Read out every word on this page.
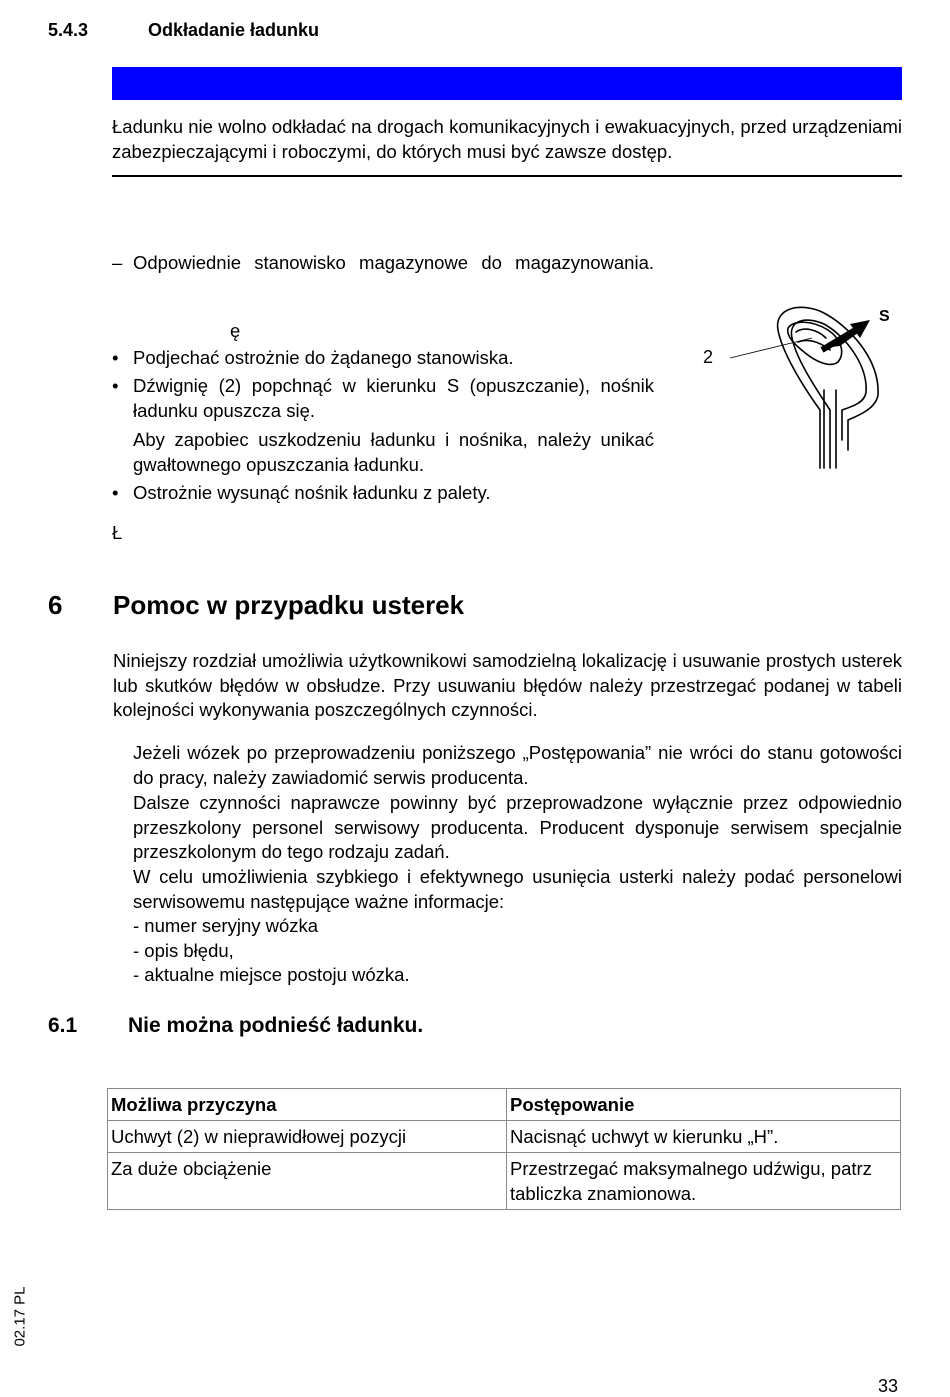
5.4.3	Odkładanie ładunku
Ładunku nie wolno odkładać na drogach komunikacyjnych i ewakuacyjnych, przed urządzeniami zabezpieczającymi i roboczymi, do których musi być zawsze dostęp.
– Odpowiednie stanowisko magazynowe do magazynowania.
ę
• Podjechać ostrożnie do żądanego stanowiska.
• Dźwignię (2) popchnąć w kierunku S (opuszczanie), nośnik ładunku opuszcza się.
Aby zapobiec uszkodzeniu ładunku i nośnika, należy unikać gwałtownego opuszczania ładunku.
• Ostrożnie wysunąć nośnik ładunku z palety.
Ł
2
S
6 Pomoc w przypadku usterek
Niniejszy rozdział umożliwia użytkownikowi samodzielną lokalizację i usuwanie prostych usterek lub skutków błędów w obsłudze. Przy usuwaniu błędów należy przestrzegać podanej w tabeli kolejności wykonywania poszczególnych czynności.
Jeżeli wózek po przeprowadzeniu poniższego „Postępowania” nie wróci do stanu gotowości do pracy, należy zawiadomić serwis producenta.
Dalsze czynności naprawcze powinny być przeprowadzone wyłącznie przez odpowiednio przeszkolony personel serwisowy producenta. Producent dysponuje serwisem specjalnie przeszkolonym do tego rodzaju zadań.
W celu umożliwienia szybkiego i efektywnego usunięcia usterki należy podać personelowi serwisowemu następujące ważne informacje:
- numer seryjny wózka
- opis błędu,
- aktualne miejsce postoju wózka.
6.1 Nie można podnieść ładunku.
Możliwa przyczyna	Postępowanie
Uchwyt (2) w nieprawidłowej pozycji	Nacisnąć uchwyt w kierunku „H”.
Za duże obciążenie	Przestrzegać maksymalnego udźwigu, patrz tabliczka znamionowa.
02.17 PL
33
